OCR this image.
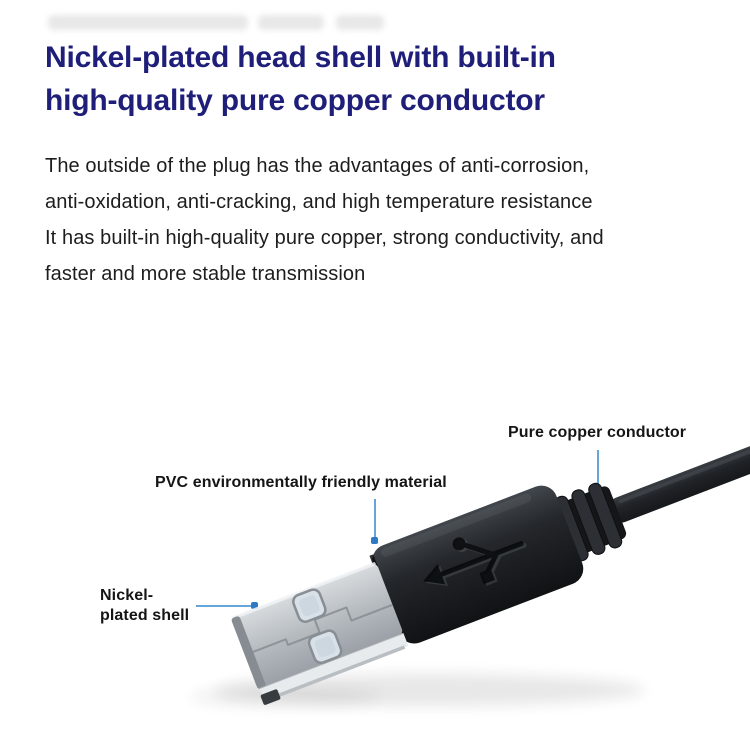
Nickel-plated head shell with built-in
high-quality pure copper conductor
The outside of the plug has the advantages of anti-corrosion,
anti-oxidation, anti-cracking, and high temperature resistance
It has built-in high-quality pure copper, strong conductivity, and
faster and more stable transmission
Pure copper conductor
PVC environmentally friendly material
Nickel-
plated shell
